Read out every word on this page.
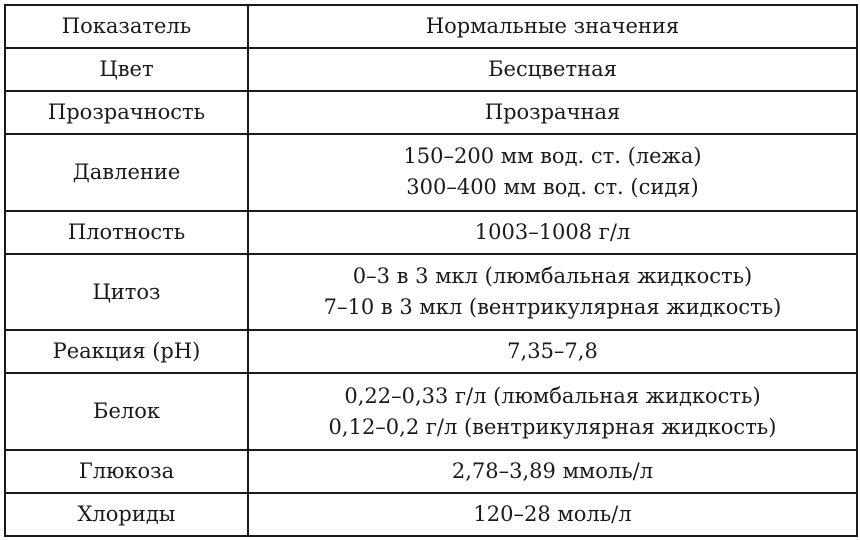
Показатель	Нормальные значения
Цвет	Бесцветная
Прозрачность	Прозрачная
Давление	150–200 мм вод. ст. (лежа)
300–400 мм вод. ст. (сидя)

Плотность	1003–1008 г/л
Цитоз	0–3 в 3 мкл (люмбальная жидкость)
7–10 в 3 мкл (вентрикулярная жидкость)

Реакция (pH)	7,35–7,8
Белок	0,22–0,33 г/л (люмбальная жидкость)
0,12–0,2 г/л (вентрикулярная жидкость)

Глюкоза	2,78–3,89 ммоль/л
Хлориды	120–28 моль/л
